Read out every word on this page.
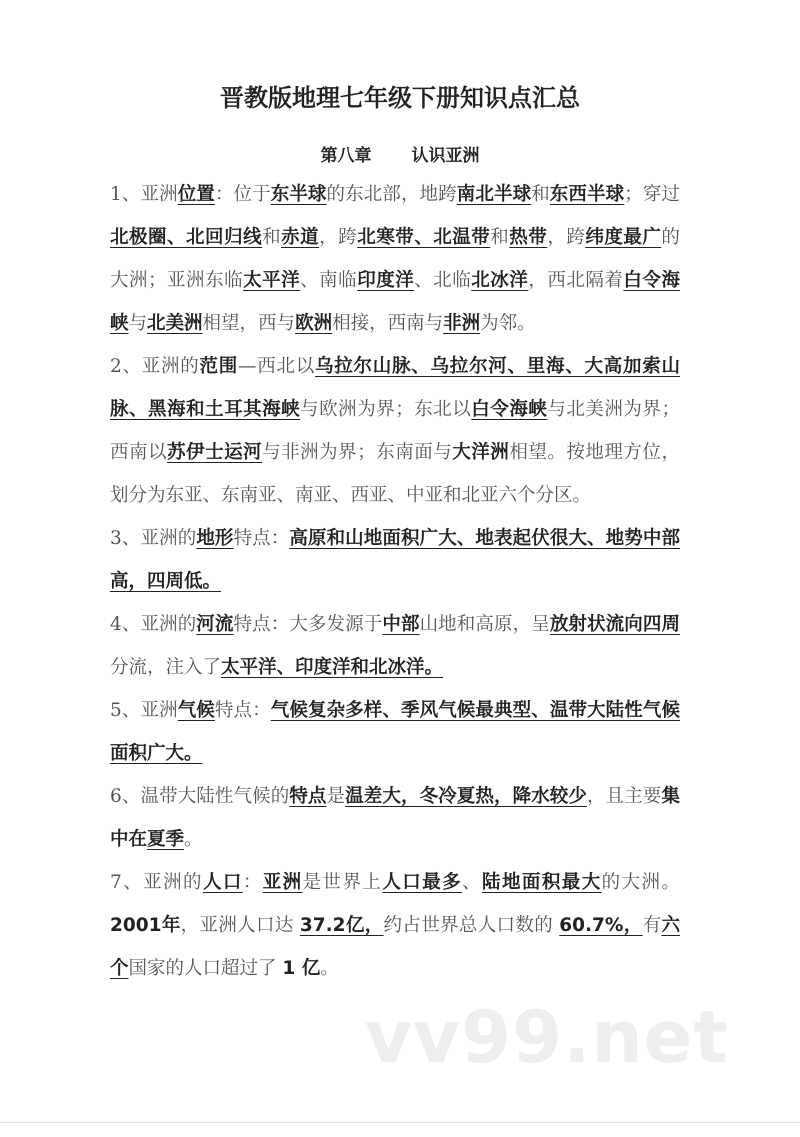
晋教版地理七年级下册知识点汇总
第八章 认识亚洲

1、亚洲位置：位于东半球的东北部，地跨南北半球和东西半球；穿过北极圈、北回归线和赤道，跨北寒带、北温带和热带，跨纬度最广的大洲；亚洲东临太平洋、南临印度洋、北临北冰洋，西北隔着白令海峡与北美洲相望，西与欧洲相接，西南与非洲为邻。

2、亚洲的范围—西北以乌拉尔山脉、乌拉尔河、里海、大高加索山脉、黑海和土耳其海峡与欧洲为界；东北以白令海峡与北美洲为界；西南以苏伊士运河与非洲为界；东南面与大洋洲相望。按地理方位，划分为东亚、东南亚、南亚、西亚、中亚和北亚六个分区。

3、亚洲的地形特点：高原和山地面积广大、地表起伏很大、地势中部高，四周低。

4、亚洲的河流特点：大多发源于中部山地和高原，呈放射状流向四周分流，注入了太平洋、印度洋和北冰洋。

5、亚洲气候特点：气候复杂多样、季风气候最典型、温带大陆性气候面积广大。

6、温带大陆性气候的特点是温差大，冬冷夏热，降水较少，且主要集中在夏季。

7、亚洲的人口：亚洲是世界上人口最多、陆地面积最大的大洲。2001年，亚洲人口达 37.2亿，约占世界总人口数的 60.7%，有六个国家的人口超过了 1 亿。

vv99.net
